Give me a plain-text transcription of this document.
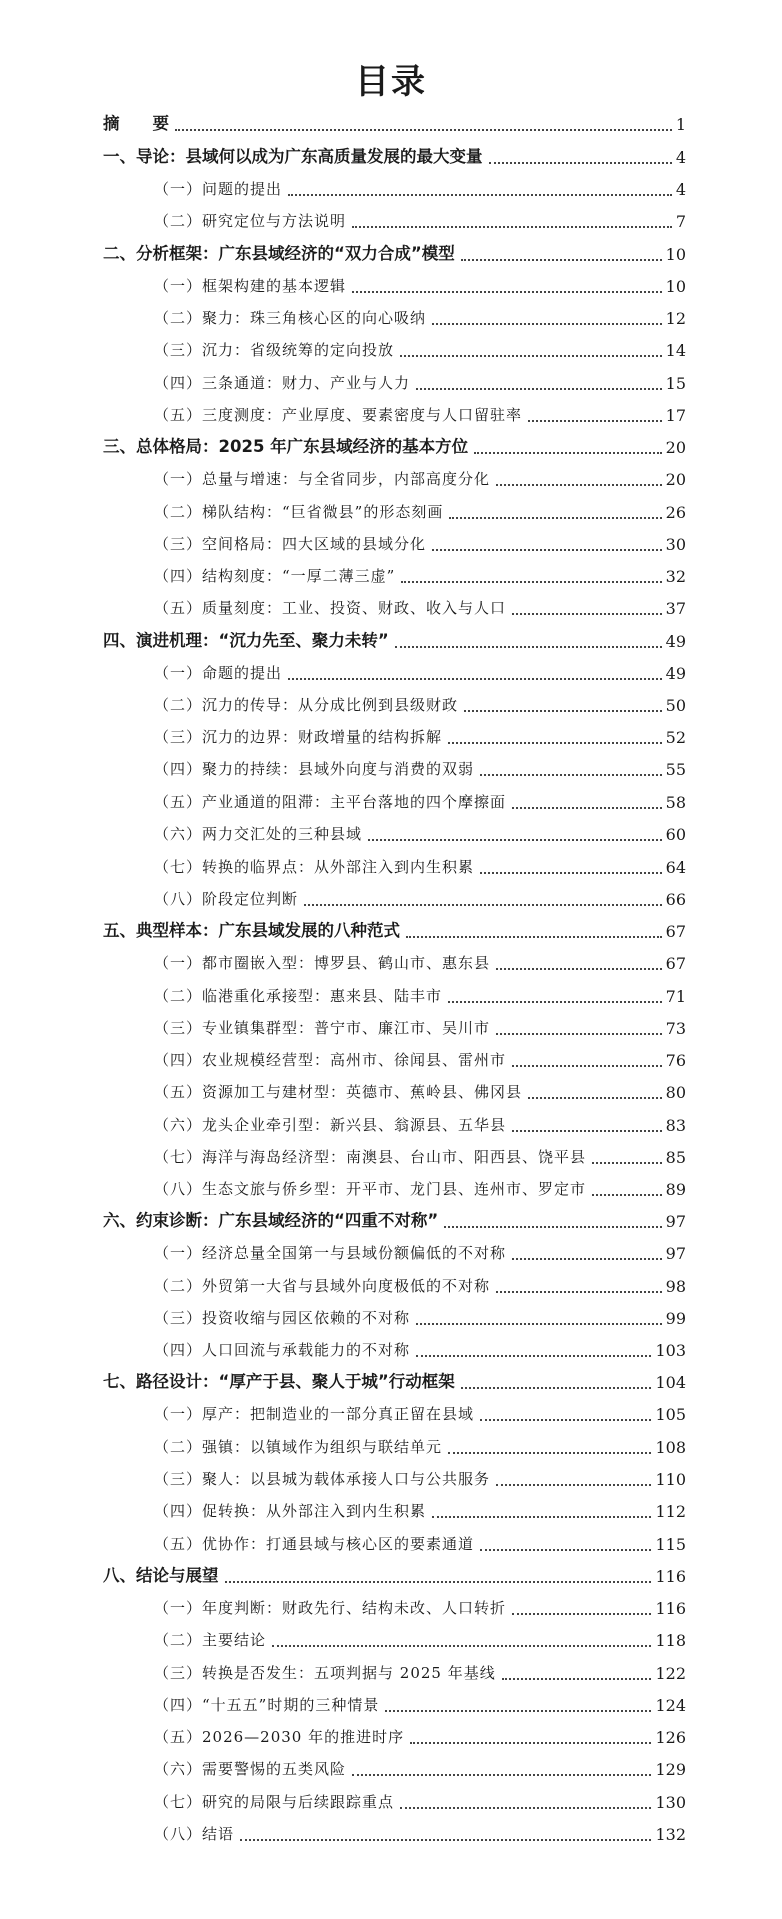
目录
摘　　要	1
一、导论：县域何以成为广东高质量发展的最大变量	4
（一）问题的提出	4
（二）研究定位与方法说明	7
二、分析框架：广东县域经济的“双力合成”模型	10
（一）框架构建的基本逻辑	10
（二）聚力：珠三角核心区的向心吸纳	12
（三）沉力：省级统筹的定向投放	14
（四）三条通道：财力、产业与人力	15
（五）三度测度：产业厚度、要素密度与人口留驻率	17
三、总体格局：2025 年广东县域经济的基本方位	20
（一）总量与增速：与全省同步，内部高度分化	20
（二）梯队结构：“巨省微县”的形态刻画	26
（三）空间格局：四大区域的县域分化	30
（四）结构刻度：“一厚二薄三虚”	32
（五）质量刻度：工业、投资、财政、收入与人口	37
四、演进机理：“沉力先至、聚力未转”	49
（一）命题的提出	49
（二）沉力的传导：从分成比例到县级财政	50
（三）沉力的边界：财政增量的结构拆解	52
（四）聚力的持续：县域外向度与消费的双弱	55
（五）产业通道的阻滞：主平台落地的四个摩擦面	58
（六）两力交汇处的三种县域	60
（七）转换的临界点：从外部注入到内生积累	64
（八）阶段定位判断	66
五、典型样本：广东县域发展的八种范式	67
（一）都市圈嵌入型：博罗县、鹤山市、惠东县	67
（二）临港重化承接型：惠来县、陆丰市	71
（三）专业镇集群型：普宁市、廉江市、吴川市	73
（四）农业规模经营型：高州市、徐闻县、雷州市	76
（五）资源加工与建材型：英德市、蕉岭县、佛冈县	80
（六）龙头企业牵引型：新兴县、翁源县、五华县	83
（七）海洋与海岛经济型：南澳县、台山市、阳西县、饶平县	85
（八）生态文旅与侨乡型：开平市、龙门县、连州市、罗定市	89
六、约束诊断：广东县域经济的“四重不对称”	97
（一）经济总量全国第一与县域份额偏低的不对称	97
（二）外贸第一大省与县域外向度极低的不对称	98
（三）投资收缩与园区依赖的不对称	99
（四）人口回流与承载能力的不对称	103
七、路径设计：“厚产于县、聚人于城”行动框架	104
（一）厚产：把制造业的一部分真正留在县域	105
（二）强镇：以镇域作为组织与联结单元	108
（三）聚人：以县城为载体承接人口与公共服务	110
（四）促转换：从外部注入到内生积累	112
（五）优协作：打通县域与核心区的要素通道	115
八、结论与展望	116
（一）年度判断：财政先行、结构未改、人口转折	116
（二）主要结论	118
（三）转换是否发生：五项判据与 2025 年基线	122
（四）“十五五”时期的三种情景	124
（五）2026—2030 年的推进时序	126
（六）需要警惕的五类风险	129
（七）研究的局限与后续跟踪重点	130
（八）结语	132
